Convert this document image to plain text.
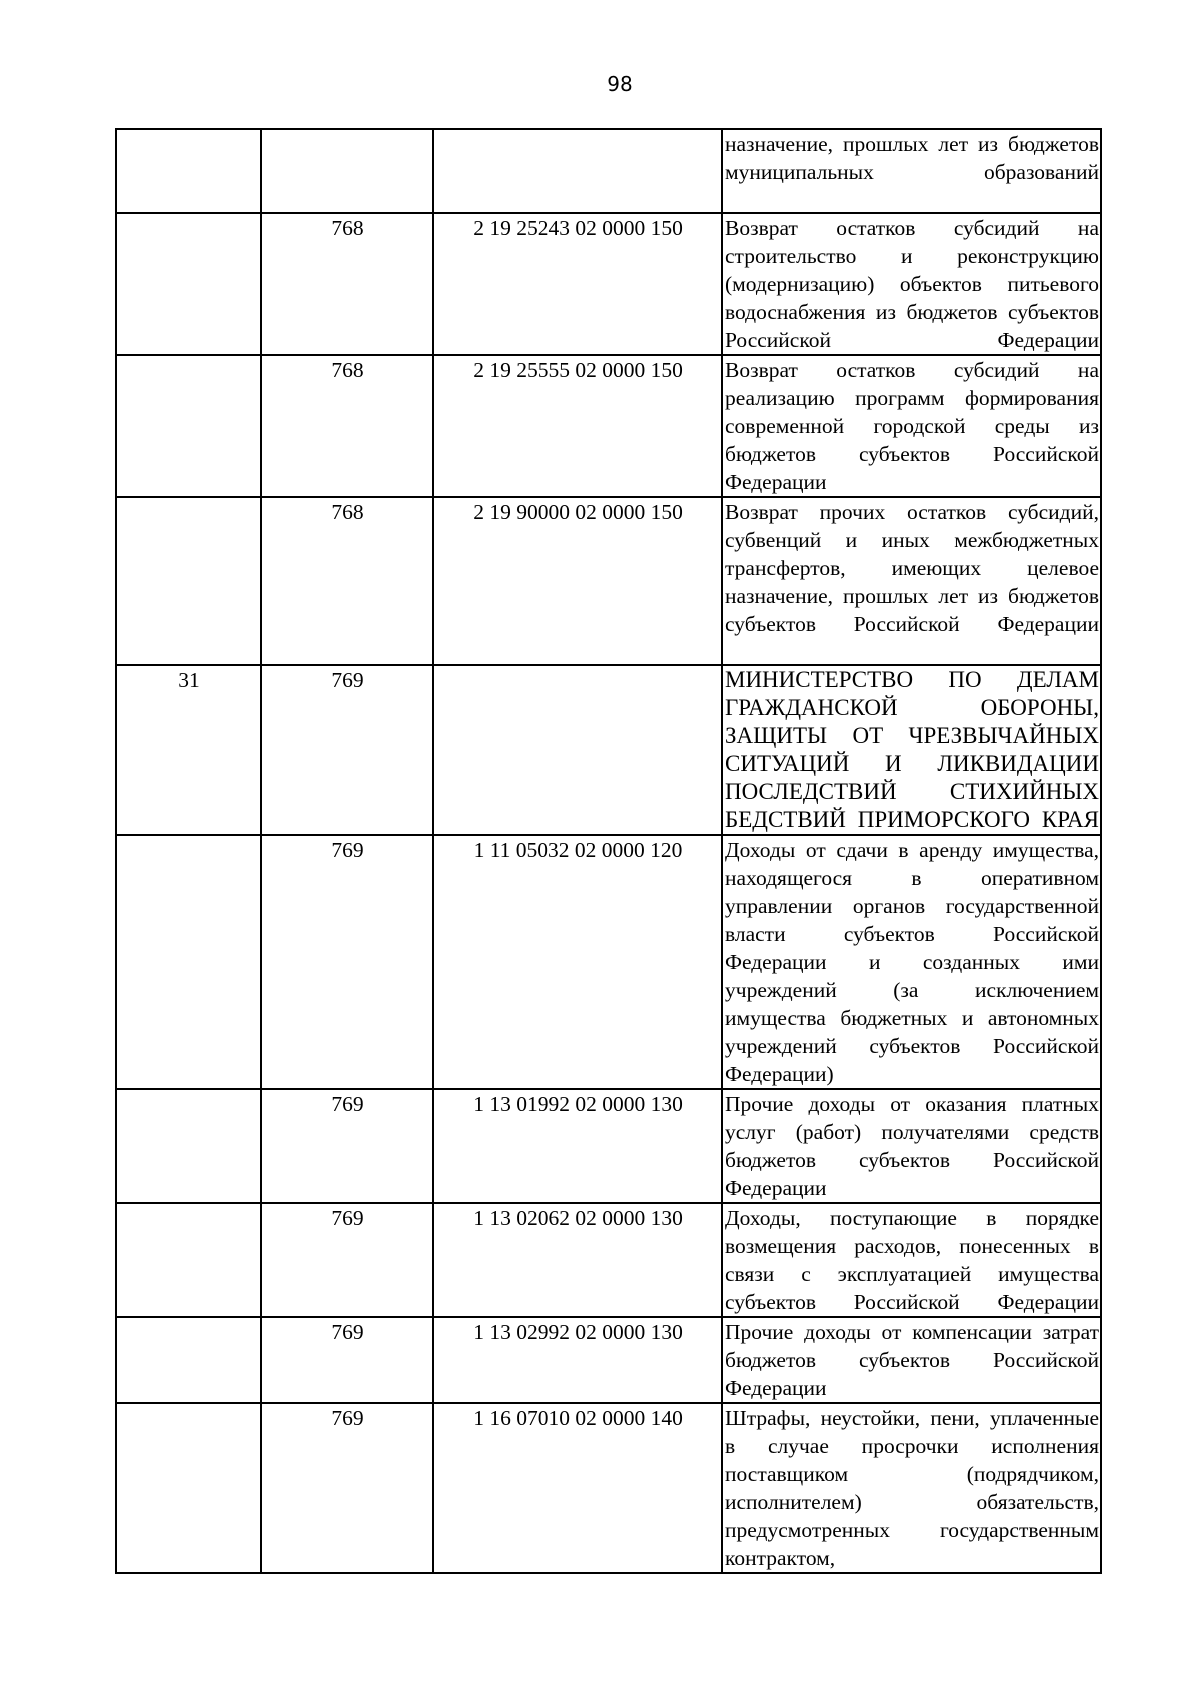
98
			назначение, прошлых лет из бюджетов муниципальных образований
	768	2 19 25243 02 0000 150	Возврат остатков субсидий на строительство и реконструкцию (модернизацию) объектов питьевого водоснабжения из бюджетов субъектов Российской Федерации
	768	2 19 25555 02 0000 150	Возврат остатков субсидий на реализацию программ формирования современной городской среды из бюджетов субъектов Российской Федерации
	768	2 19 90000 02 0000 150	Возврат прочих остатков субсидий, субвенций и иных межбюджетных трансфертов, имеющих целевое назначение, прошлых лет из бюджетов субъектов Российской Федерации
31	769		МИНИСТЕРСТВО ПО ДЕЛАМ ГРАЖДАНСКОЙ ОБОРОНЫ, ЗАЩИТЫ ОТ ЧРЕЗВЫЧАЙНЫХ СИТУАЦИЙ И ЛИКВИДАЦИИ ПОСЛЕДСТВИЙ СТИХИЙНЫХ БЕДСТВИЙ ПРИМОРСКОГО КРАЯ
	769	1 11 05032 02 0000 120	Доходы от сдачи в аренду имущества, находящегося в оперативном управлении органов государственной власти субъектов Российской Федерации и созданных ими учреждений (за исключением имущества бюджетных и автономных учреждений субъектов Российской Федерации)
	769	1 13 01992 02 0000 130	Прочие доходы от оказания платных услуг (работ) получателями средств бюджетов субъектов Российской Федерации
	769	1 13 02062 02 0000 130	Доходы, поступающие в порядке возмещения расходов, понесенных в связи с эксплуатацией имущества субъектов Российской Федерации
	769	1 13 02992 02 0000 130	Прочие доходы от компенсации затрат бюджетов субъектов Российской Федерации
	769	1 16 07010 02 0000 140	Штрафы, неустойки, пени, уплаченные в случае просрочки исполнения поставщиком (подрядчиком, исполнителем) обязательств, предусмотренных государственным контрактом,
